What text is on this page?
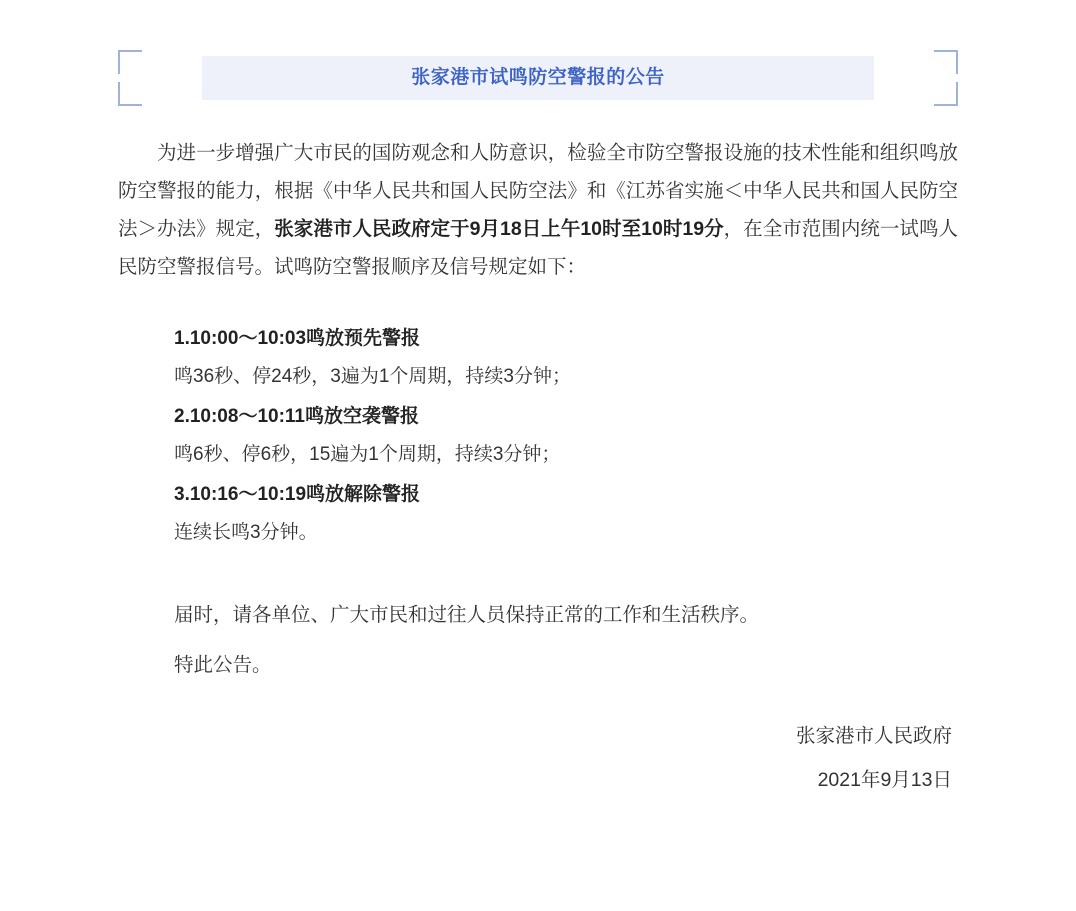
张家港市试鸣防空警报的公告

为进一步增强广大市民的国防观念和人防意识，检验全市防空警报设施的技术性能和组织鸣放防空警报的能力，根据《中华人民共和国人民防空法》和《江苏省实施＜中华人民共和国人民防空法＞办法》规定，张家港市人民政府定于9月18日上午10时至10时19分，在全市范围内统一试鸣人民防空警报信号。试鸣防空警报顺序及信号规定如下：

1.10:00～10:03鸣放预先警报
鸣36秒、停24秒，3遍为1个周期，持续3分钟；
2.10:08～10:11鸣放空袭警报
鸣6秒、停6秒，15遍为1个周期，持续3分钟；
3.10:16～10:19鸣放解除警报
连续长鸣3分钟。

届时，请各单位、广大市民和过往人员保持正常的工作和生活秩序。

特此公告。

张家港市人民政府
2021年9月13日
